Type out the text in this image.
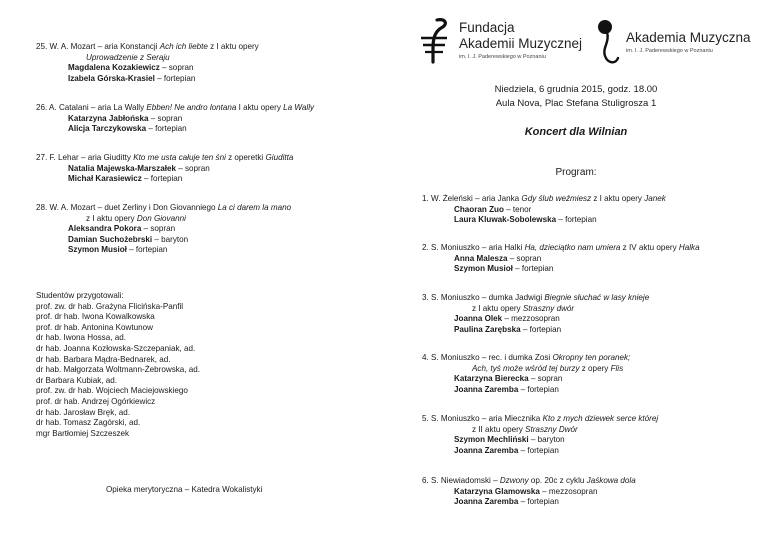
25. W. A. Mozart – aria Konstancji Ach ich liebte z I aktu opery
Uprowadzenie z Seraju
Magdalena Kozakiewicz – sopran
Izabela Górska-Krasiel – fortepian
26. A. Catalani – aria La Wally Ebben! Ne andro lontana I aktu opery La Wally
Katarzyna Jabłońska – sopran
Alicja Tarczykowska – fortepian
27. F. Lehar – aria Giuditty Kto me usta całuje ten śni z operetki Giuditta
Natalia Majewska-Marszałek – sopran
Michał Karasiewicz – fortepian
28. W. A. Mozart – duet Zerliny i Don Giovanniego La ci darem la mano
z I aktu opery Don Giovanni
Aleksandra Pokora – sopran
Damian Suchożebrski – baryton
Szymon Musioł – fortepian
Studentów przygotowali:
prof. zw. dr hab. Grażyna Flicińska-Panfil
prof. dr hab. Iwona Kowalkowska
prof. dr hab. Antonina Kowtunow
dr hab. Iwona Hossa, ad.
dr hab. Joanna Kozłowska-Szczepaniak, ad.
dr hab. Barbara Mądra-Bednarek, ad.
dr hab. Małgorzata Woltmann-Żebrowska, ad.
dr Barbara Kubiak, ad.
prof. zw. dr hab. Wojciech Maciejowskiego
prof. dr hab. Andrzej Ogórkiewicz
dr hab. Jarosław Bręk, ad.
dr hab. Tomasz Zagórski, ad.
mgr Bartłomiej Szczeszek
Opieka merytoryczna – Katedra Wokalistyki
Fundacja
Akademii Muzycznej
im. I. J. Paderewskiego w Poznaniu
Akademia Muzyczna
im. I. J. Paderewskiego w Poznaniu
Niedziela, 6 grudnia 2015, godz. 18.00
Aula Nova, Plac Stefana Stuligrosza 1
Koncert dla Wilnian
Program:
1. W. Żeleński – aria Janka Gdy ślub weźmiesz z I aktu opery Janek
Chaoran Zuo – tenor
Laura Kluwak-Sobolewska – fortepian
2. S. Moniuszko – aria Halki Ha, dzieciątko nam umiera z IV aktu opery Halka
Anna Malesza – sopran
Szymon Musioł – fortepian
3. S. Moniuszko – dumka Jadwigi Biegnie słuchać w lasy knieje
z I aktu opery Straszny dwór
Joanna Olek – mezzosopran
Paulina Zarębska – fortepian
4. S. Moniuszko – rec. i dumka Zosi Okropny ten poranek;
Ach, tyś może wśród tej burzy z opery Flis
Katarzyna Bierecka – sopran
Joanna Zaremba – fortepian
5. S. Moniuszko – aria Miecznika Kto z mych dziewek serce której
z II aktu opery Straszny Dwór
Szymon Mechliński – baryton
Joanna Zaremba – fortepian
6. S. Niewiadomski – Dzwony op. 20c z cyklu Jaśkowa dola
Katarzyna Glamowska – mezzosopran
Joanna Zaremba – fortepian
